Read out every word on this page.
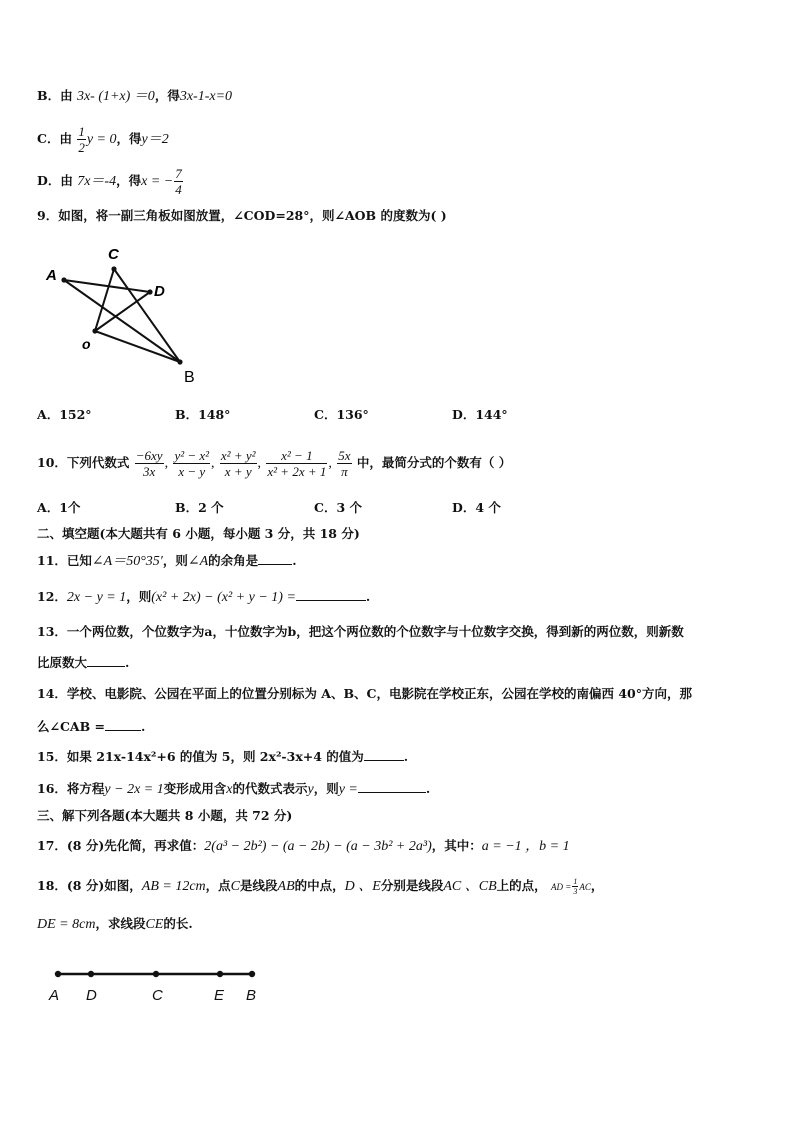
B．由 3x- (1+x) ＝0，得3x-1-x=0
C．由 $\frac{1}{2}$ y = 0，得y＝2
D．由 7x＝-4，得x = − $\frac{7}{4}$
9．如图，将一副三角板如图放置，∠COD=28°，则∠AOB 的度数为( )
A
C
D
o
B
A．152°	B．148°	C．136°	D．144°
10．下列代数式 $\frac{-6xy}{3x}$ , $\frac{\text{y² − x²}}{x - y}$ , $\frac{\text{x² + y²}}{x + y}$ , $\frac{\text{x² − 1}}{\text{x² + 2x + 1}}$ , $\frac{5x}{\pi}$ 中，最简分式的个数有（ ）
A．1个	B．2 个	C．3 个	D．4 个
二、填空题(本大题共有 6 小题，每小题 3 分，共 18 分)
11．已知∠A＝50°35′，则∠A的余角是	.
12．2x − y = 1，则(x² + 2x) − (x² + y − 1) =	.
13．一个两位数，个位数字为a，十位数字为b，把这个两位数的个位数字与十位数字交换，得到新的两位数，则新数
比原数大	.
14．学校、电影院、公园在平面上的位置分别标为 A、B、C，电影院在学校正东，公园在学校的南偏西 40°方向，那
么∠CAB =	.
15．如果 21x-14x²+6 的值为 5，则 2x²-3x+4 的值为	.
16．将方程y − 2x = 1变形成用含x的代数式表示y，则y =	.
三、解下列各题(本大题共 8 小题，共 72 分)
17．(8 分)先化简，再求值：2(a³ − 2b²) − (a − 2b) − (a − 3b² + 2a³)，其中：a = −1 ，b = 1
18．(8 分)如图，AB = 12cm，点C是线段AB的中点，D 、E分别是线段AC 、CB上的点， AD = $\frac{1}{3}$ AC，
DE = 8cm，求线段CE的长.
A D	C	E B
